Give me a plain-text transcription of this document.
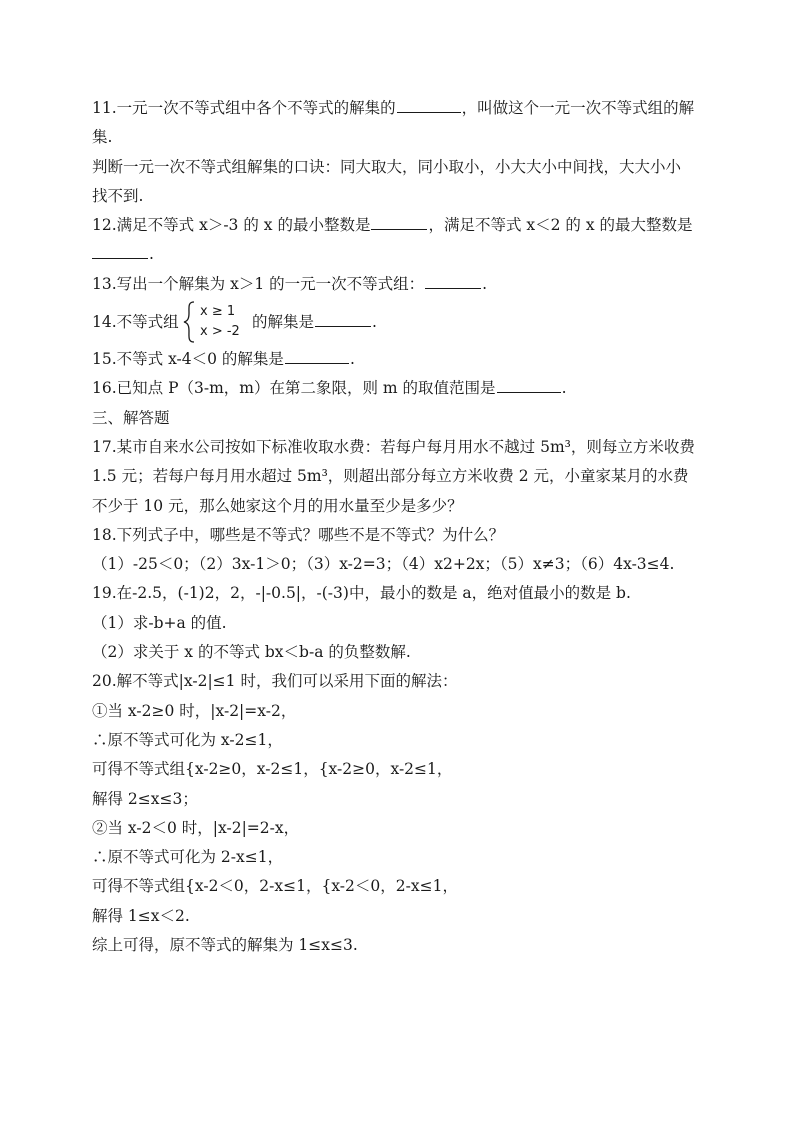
11.一元一次不等式组中各个不等式的解集的	，叫做这个一元一次不等式组的解
集.
判断一元一次不等式组解集的口诀：同大取大，同小取小，小大大小中间找，大大小小
找不到.
12.满足不等式 x＞-3 的 x 的最小整数是	，满足不等式 x＜2 的 x 的最大整数是
.
13.写出一个解集为 x＞1 的一元一次不等式组：	.
14.不等式组
x ≥ 1
x > -2
的解集是	.
15.不等式 x-4＜0 的解集是	.
16.已知点 P（3-m，m）在第二象限，则 m 的取值范围是	.
三、解答题
17.某市自来水公司按如下标准收取水费：若每户每月用水不越过 5m³，则每立方米收费
1.5 元；若每户每月用水超过 5m³，则超出部分每立方米收费 2 元，小童家某月的水费
不少于 10 元，那么她家这个月的用水量至少是多少？
18.下列式子中，哪些是不等式？哪些不是不等式？为什么？
（1）-25＜0；（2）3x-1＞0；（3）x-2=3；（4）x2+2x；（5）x≠3；（6）4x-3≤4.
19.在-2.5，(-1)2，2，-|-0.5|，-(-3)中，最小的数是 a，绝对值最小的数是 b.
（1）求-b+a 的值.
（2）求关于 x 的不等式 bx＜b-a 的负整数解.
20.解不等式|x-2|≤1 时，我们可以采用下面的解法：
①当 x-2≥0 时，|x-2|=x-2，
∴原不等式可化为 x-2≤1，
可得不等式组{x-2≥0，x-2≤1，{x-2≥0，x-2≤1，
解得 2≤x≤3；
②当 x-2＜0 时，|x-2|=2-x，
∴原不等式可化为 2-x≤1，
可得不等式组{x-2＜0，2-x≤1，{x-2＜0，2-x≤1，
解得 1≤x＜2.
综上可得，原不等式的解集为 1≤x≤3.
